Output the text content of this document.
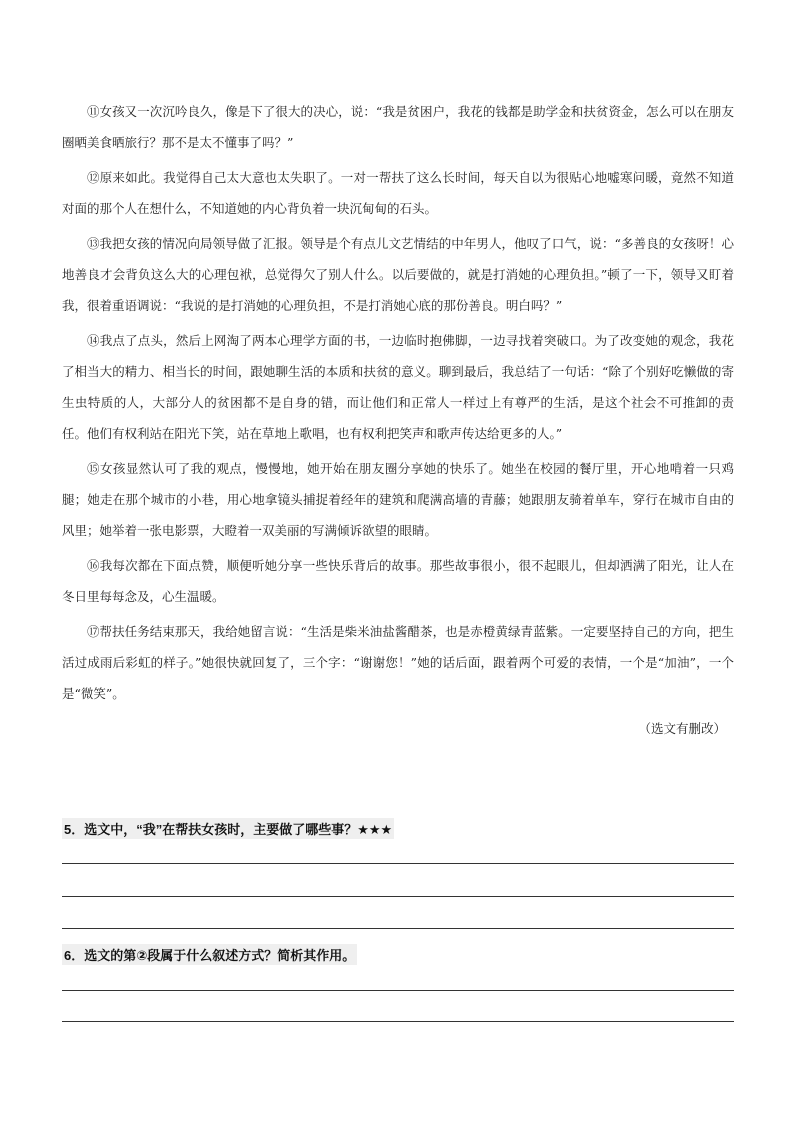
⑪女孩又一次沉吟良久，像是下了很大的决心，说：“我是贫困户，我花的钱都是助学金和扶贫资金，怎么可以在朋友圈晒美食晒旅行？那不是太不懂事了吗？”

⑫原来如此。我觉得自己太大意也太失职了。一对一帮扶了这么长时间，每天自以为很贴心地嘘寒问暖，竟然不知道对面的那个人在想什么，不知道她的内心背负着一块沉甸甸的石头。

⑬我把女孩的情况向局领导做了汇报。领导是个有点儿文艺情结的中年男人，他叹了口气，说：“多善良的女孩呀！心地善良才会背负这么大的心理包袱，总觉得欠了别人什么。以后要做的，就是打消她的心理负担。”顿了一下，领导又盯着我，很着重语调说：“我说的是打消她的心理负担，不是打消她心底的那份善良。明白吗？”

⑭我点了点头，然后上网淘了两本心理学方面的书，一边临时抱佛脚，一边寻找着突破口。为了改变她的观念，我花了相当大的精力、相当长的时间，跟她聊生活的本质和扶贫的意义。聊到最后，我总结了一句话：“除了个别好吃懒做的寄生虫特质的人，大部分人的贫困都不是自身的错，而让他们和正常人一样过上有尊严的生活，是这个社会不可推卸的责任。他们有权利站在阳光下笑，站在草地上歌唱，也有权利把笑声和歌声传达给更多的人。”

⑮女孩显然认可了我的观点，慢慢地，她开始在朋友圈分享她的快乐了。她坐在校园的餐厅里，开心地啃着一只鸡腿；她走在那个城市的小巷，用心地拿镜头捕捉着经年的建筑和爬满高墙的青藤；她跟朋友骑着单车，穿行在城市自由的风里；她举着一张电影票，大瞪着一双美丽的写满倾诉欲望的眼睛。

⑯我每次都在下面点赞，顺便听她分享一些快乐背后的故事。那些故事很小，很不起眼儿，但却洒满了阳光，让人在冬日里每每念及，心生温暖。

⑰帮扶任务结束那天，我给她留言说：“生活是柴米油盐酱醋茶，也是赤橙黄绿青蓝紫。一定要坚持自己的方向，把生活过成雨后彩虹的样子。”她很快就回复了，三个字：“谢谢您！”她的话后面，跟着两个可爱的表情，一个是“加油”，一个是“微笑”。

（选文有删改）

5．选文中，“我”在帮扶女孩时，主要做了哪些事？★★★
6．选文的第②段属于什么叙述方式？简析其作用。
